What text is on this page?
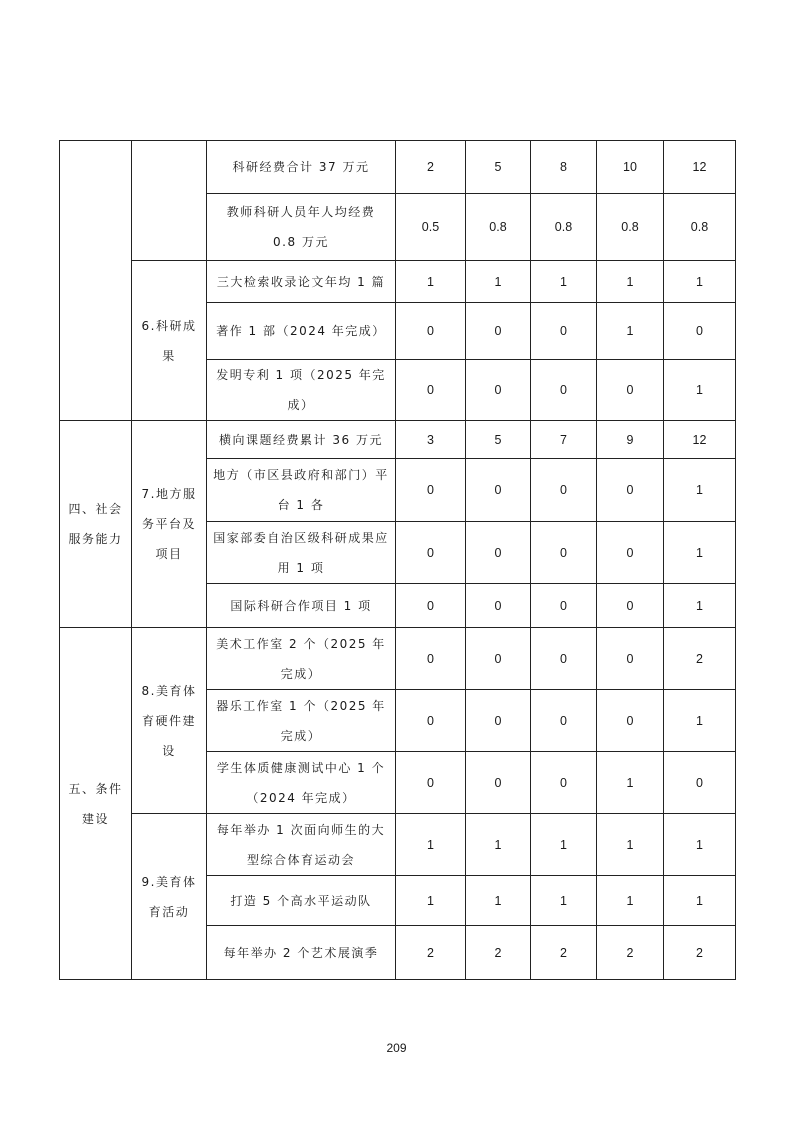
		科研经费合计 37 万元	2	5	8	10	12
		教师科研人员年人均经费 0.8 万元	0.5	0.8	0.8	0.8	0.8
	6.科研成果	三大检索收录论文年均 1 篇	1	1	1	1	1
		著作 1 部（2024 年完成）	0	0	0	1	0
		发明专利 1 项（2025 年完成）	0	0	0	0	1
四、社会服务能力	7.地方服务平台及项目	横向课题经费累计 36 万元	3	5	7	9	12
		地方（市区县政府和部门）平台 1 各	0	0	0	0	1
		国家部委自治区级科研成果应用 1 项	0	0	0	0	1
		国际科研合作项目 1 项	0	0	0	0	1
五、条件建设	8.美育体育硬件建设	美术工作室 2 个（2025 年完成）	0	0	0	0	2
		器乐工作室 1 个（2025 年完成）	0	0	0	0	1
		学生体质健康测试中心 1 个（2024 年完成）	0	0	0	1	0
	9.美育体育活动	每年举办 1 次面向师生的大型综合体育运动会	1	1	1	1	1
		打造 5 个高水平运动队	1	1	1	1	1
		每年举办 2 个艺术展演季	2	2	2	2	2
209
